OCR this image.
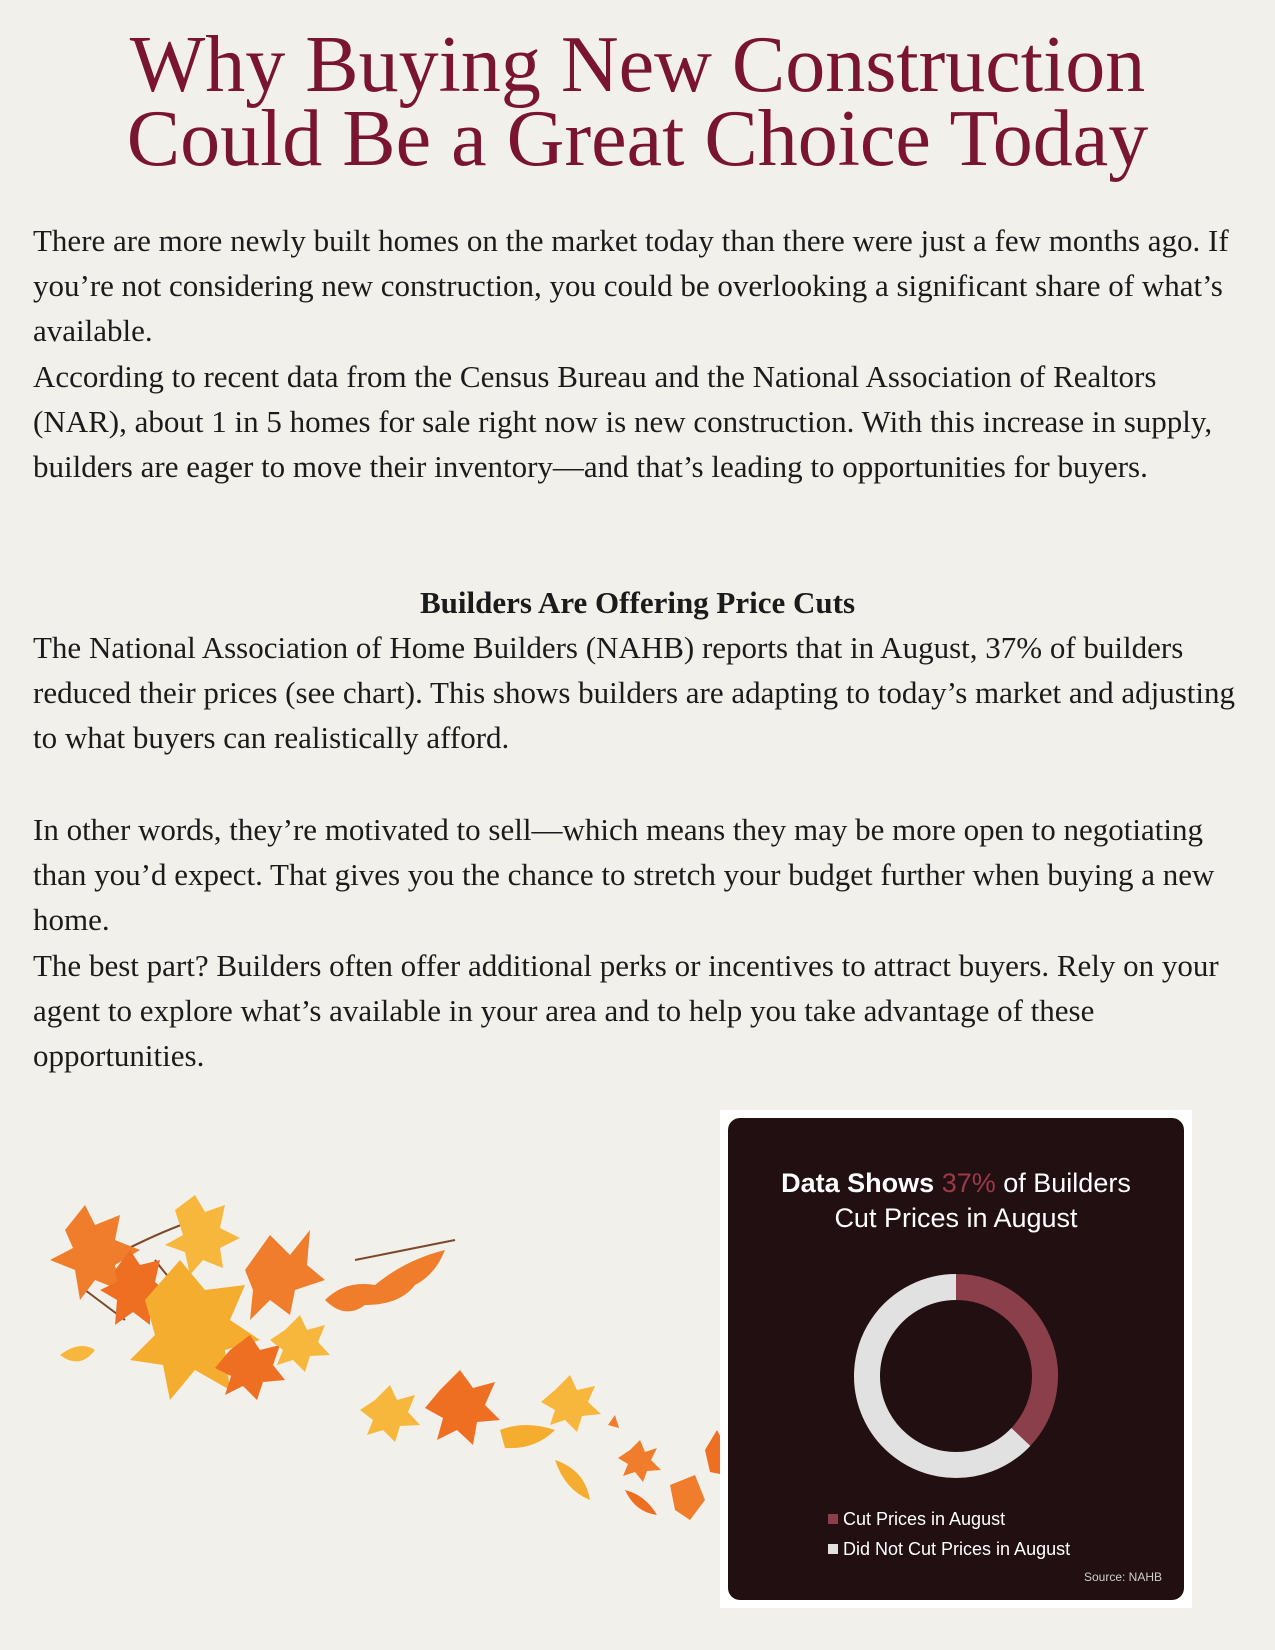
Why Buying New Construction
Could Be a Great Choice Today

There are more newly built homes on the market today than there were just a few months ago. If you’re not considering new construction, you could be overlooking a significant share of what’s available.

According to recent data from the Census Bureau and the National Association of Realtors (NAR), about 1 in 5 homes for sale right now is new construction. With this increase in supply, builders are eager to move their inventory—and that’s leading to opportunities for buyers.

Builders Are Offering Price Cuts

The National Association of Home Builders (NAHB) reports that in August, 37% of builders reduced their prices (see chart). This shows builders are adapting to today’s market and adjusting to what buyers can realistically afford.

In other words, they’re motivated to sell—which means they may be more open to negotiating than you’d expect. That gives you the chance to stretch your budget further when buying a new home.

The best part? Builders often offer additional perks or incentives to attract buyers. Rely on your agent to explore what’s available in your area and to help you take advantage of these opportunities.

Data Shows 37% of Builders
Cut Prices in August
Cut Prices in August
Did Not Cut Prices in August
Source: NAHB
